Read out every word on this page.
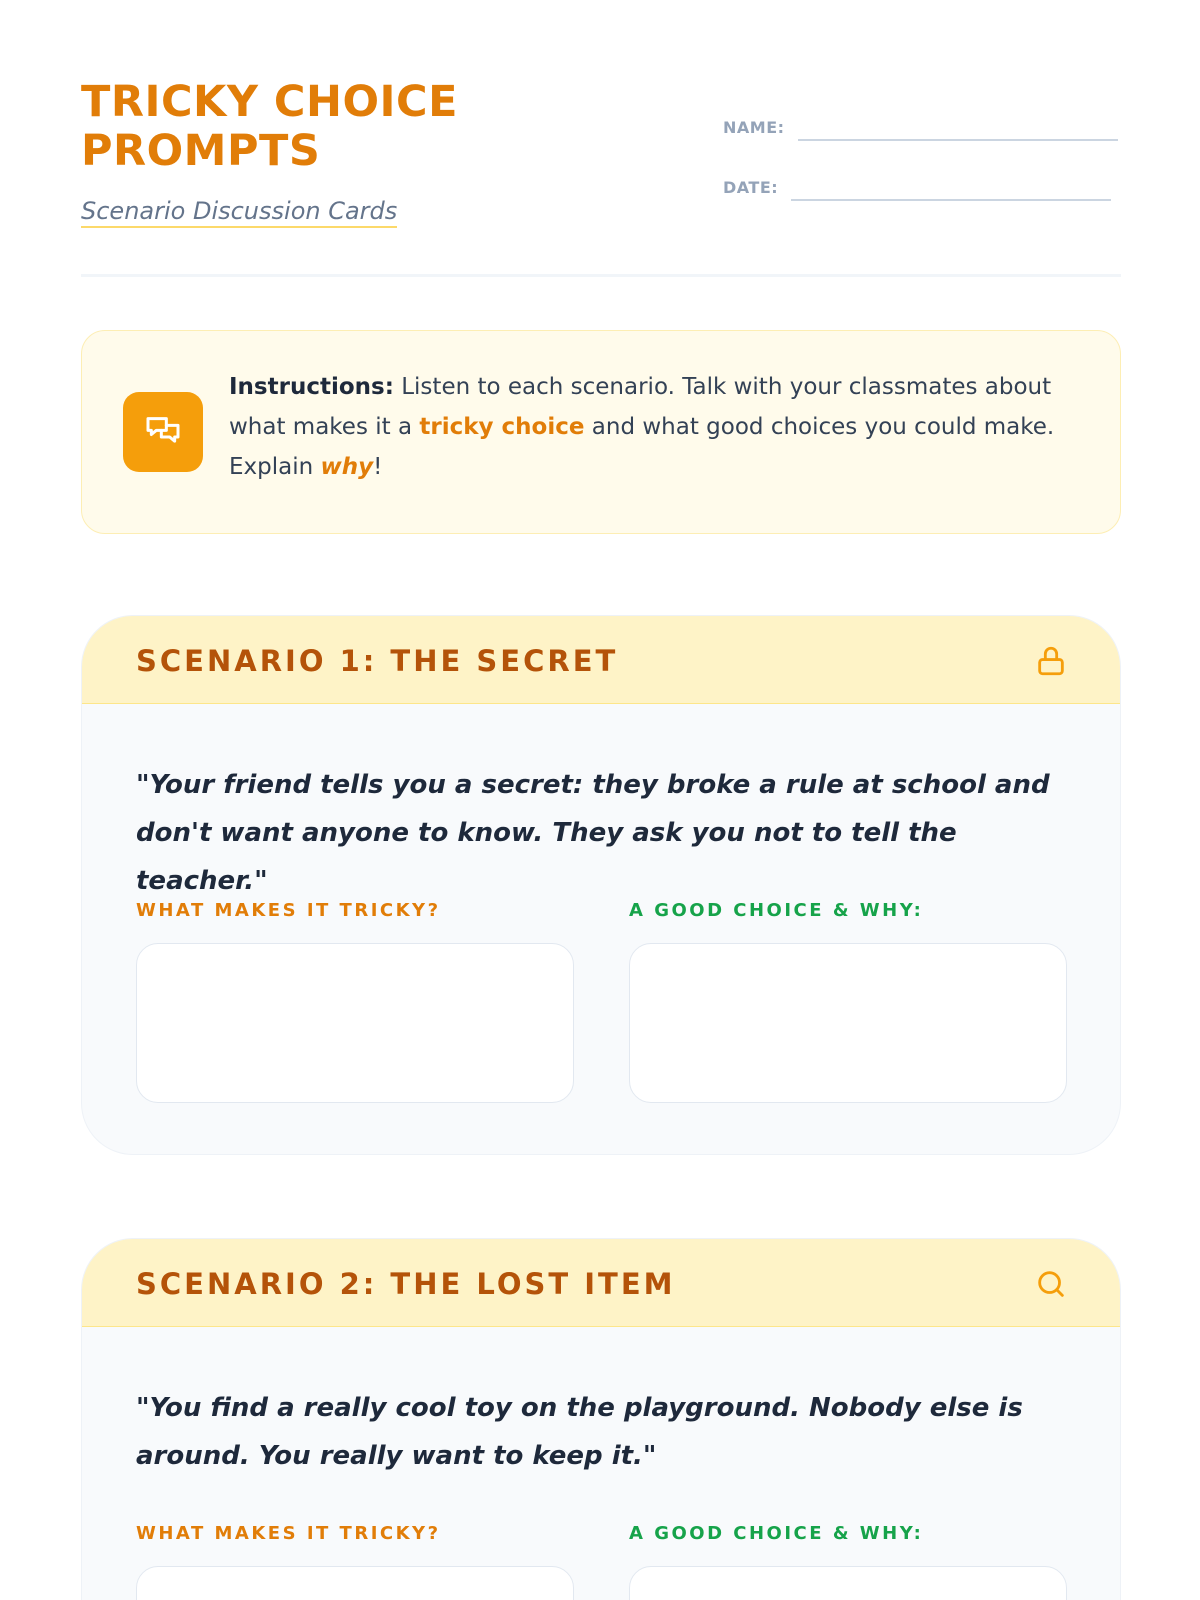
TRICKY CHOICE
PROMPTS
Scenario Discussion Cards
NAME:
DATE:

Instructions: Listen to each scenario. Talk with your classmates about what makes it a tricky choice and what good choices you could make. Explain why!

SCENARIO 1: THE SECRET

"Your friend tells you a secret: they broke a rule at school and don't want anyone to know. They ask you not to tell the teacher."

WHAT MAKES IT TRICKY?	A GOOD CHOICE & WHY:
SCENARIO 2: THE LOST ITEM

"You find a really cool toy on the playground. Nobody else is around. You really want to keep it."

WHAT MAKES IT TRICKY?	A GOOD CHOICE & WHY:
